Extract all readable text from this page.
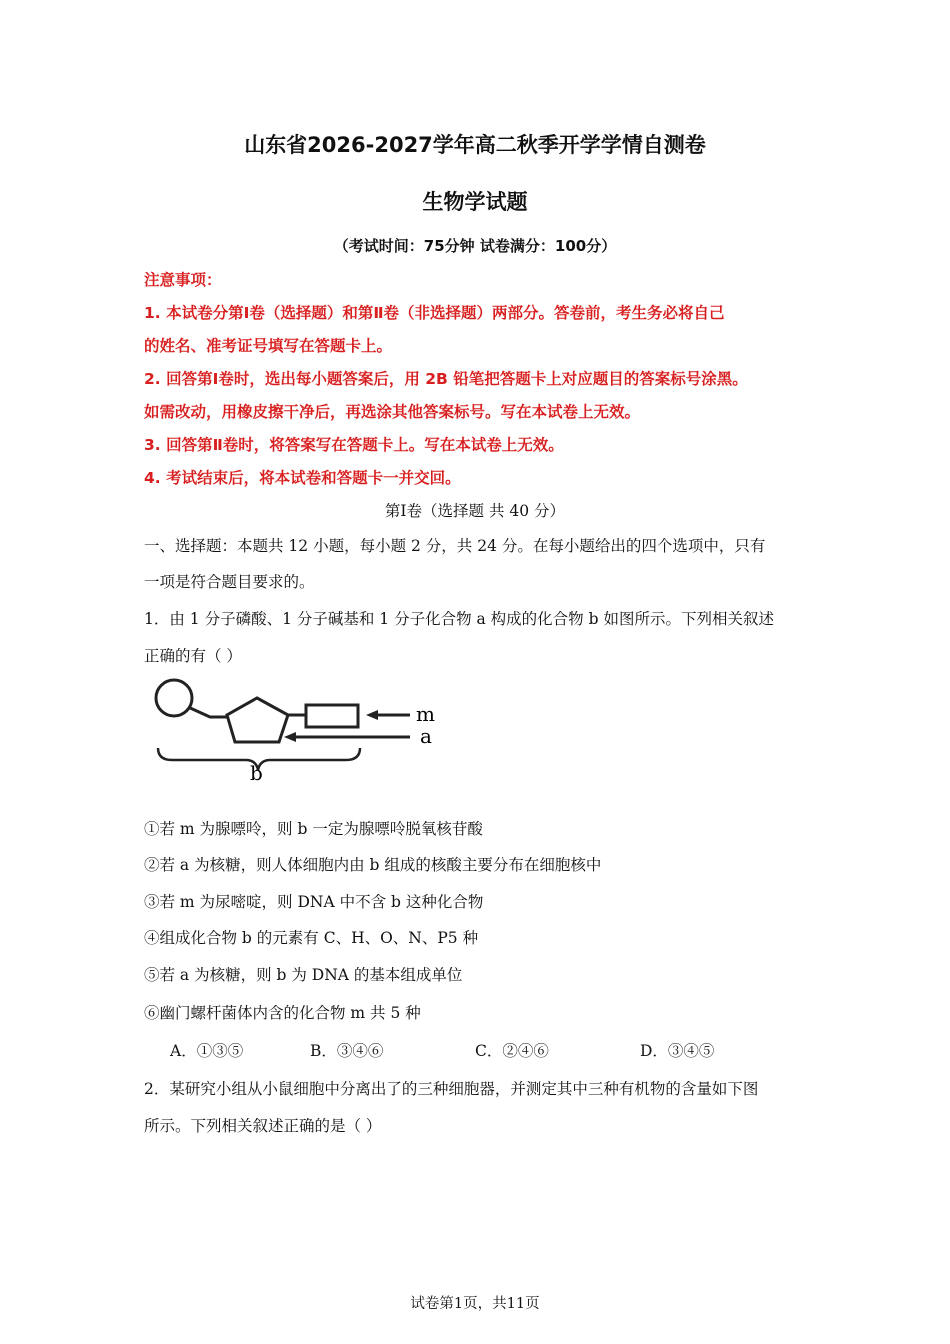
山东省2026-2027学年高二秋季开学学情自测卷
生物学试题
（考试时间：75分钟 试卷满分：100分）
注意事项：
1. 本试卷分第Ⅰ卷（选择题）和第Ⅱ卷（非选择题）两部分。答卷前，考生务必将自己
的姓名、准考证号填写在答题卡上。
2. 回答第Ⅰ卷时，选出每小题答案后，用 2B 铅笔把答题卡上对应题目的答案标号涂黑。
如需改动，用橡皮擦干净后，再选涂其他答案标号。写在本试卷上无效。
3. 回答第Ⅱ卷时，将答案写在答题卡上。写在本试卷上无效。
4. 考试结束后，将本试卷和答题卡一并交回。
第Ⅰ卷（选择题 共 40 分）
一、选择题：本题共 12 小题，每小题 2 分，共 24 分。在每小题给出的四个选项中，只有
一项是符合题目要求的。
1．由 1 分子磷酸、1 分子碱基和 1 分子化合物 a 构成的化合物 b 如图所示。下列相关叙述
正确的有（ ）
m
a
b
①若 m 为腺嘌呤，则 b 一定为腺嘌呤脱氧核苷酸
②若 a 为核糖，则人体细胞内由 b 组成的核酸主要分布在细胞核中
③若 m 为尿嘧啶，则 DNA 中不含 b 这种化合物
④组成化合物 b 的元素有 C、H、O、N、P5 种
⑤若 a 为核糖，则 b 为 DNA 的基本组成单位
⑥幽门螺杆菌体内含的化合物 m 共 5 种
A．①③⑤	B．③④⑥	C．②④⑥	D．③④⑤
2．某研究小组从小鼠细胞中分离出了的三种细胞器，并测定其中三种有机物的含量如下图
所示。下列相关叙述正确的是（ ）
试卷第1页，共11页
